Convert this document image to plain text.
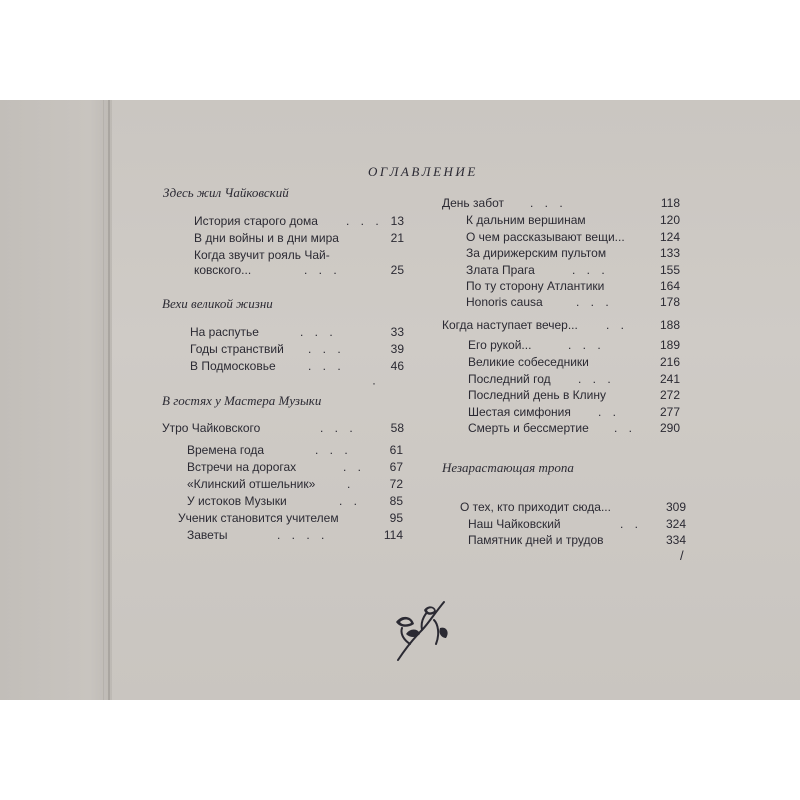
ОГЛАВЛЕНИЕ
Здесь жил Чайковский
История старого дома . . . 13
В дни войны и в дни мира	21
Когда звучит рояль Чай-
ковского...	. . .	25
Вехи великой жизни
На распутье	. . .	33
Годы странствий . . .	39
В Подмосковье	. . .	46
·
В гостях у Мастера Музыки
Утро Чайковского	. . .	58
Времена года	. . .	61
Встречи на дорогах	. . 67
«Клинский отшельник»	.	72
У истоков Музыки	. . 85
Ученик становится учителем	95
Заветы	. . . .	114
День забот . . .	118
К дальним вершинам	120
О чем рассказывают вещи...	124
За дирижерским пультом	133
Злата Прага	. . .	155
По ту сторону Атлантики	164
Honoris causa	. . .	178
Когда наступает вечер... . .	188
Его рукой...	. . .	189
Великие собеседники	216
Последний год . . .	241
Последний день в Клину	272
Шестая симфония . .	277
Смерть и бессмертие . . 290
Незарастающая тропа
О тех, кто приходит сюда...	309
Наш Чайковский	. . 324
Памятник дней и трудов	334
/
